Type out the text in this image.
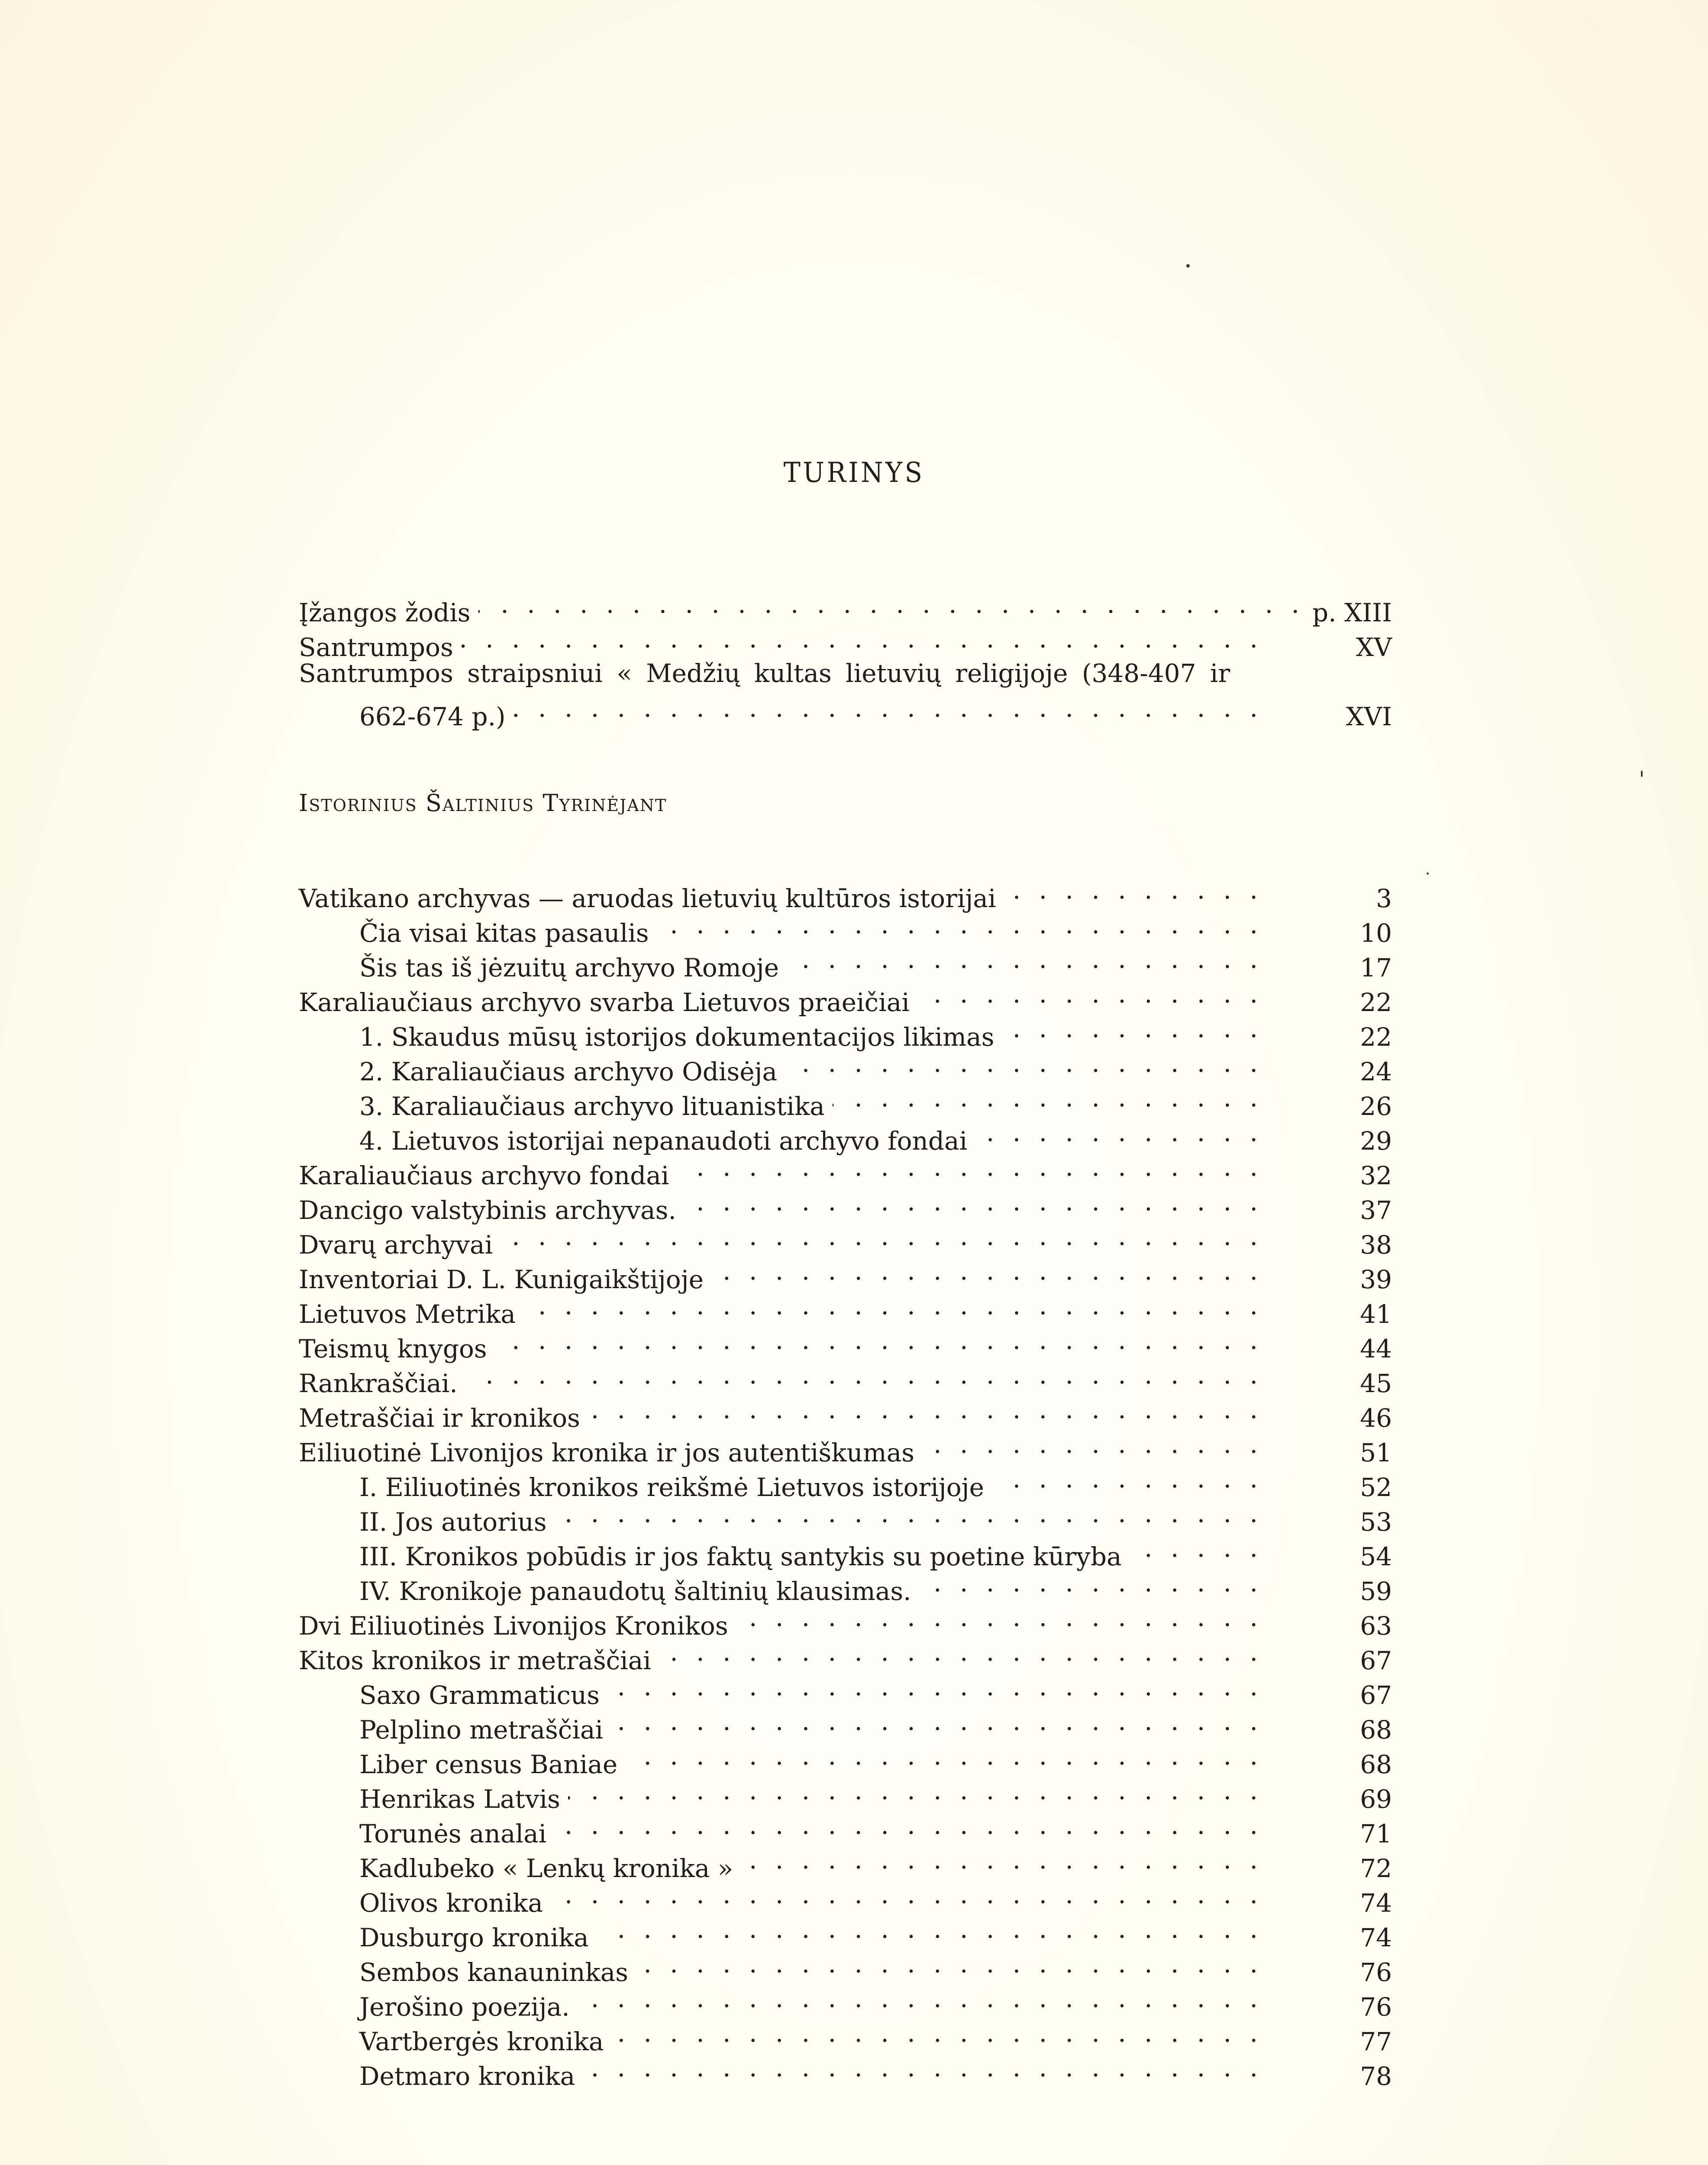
TURINYS
Įžangos žodis . . .	p. XIII
Santrumpos . . .	XV
Santrumpos straipsniui « Medžių kultas lietuvių religijoje (348-407 ir
662-674 p.) . . .	XVI
Istorinius Šaltinius Tyrinėjant
Vatikano archyvas — aruodas lietuvių kultūros istorijai . . .	3
Čia visai kitas pasaulis . . .	10
Šis tas iš jėzuitų archyvo Romoje . . .	17
Karaliaučiaus archyvo svarba Lietuvos praeičiai . . .	22
1. Skaudus mūsų istorijos dokumentacijos likimas . . .	22
2. Karaliaučiaus archyvo Odisėja . . .	24
3. Karaliaučiaus archyvo lituanistika . . .	26
4. Lietuvos istorijai nepanaudoti archyvo fondai . . .	29
Karaliaučiaus archyvo fondai . . .	32
Dancigo valstybinis archyvas. . . .	37
Dvarų archyvai . . .	38
Inventoriai D. L. Kunigaikštijoje . . .	39
Lietuvos Metrika . . .	41
Teismų knygos . . .	44
Rankraščiai. . . .	45
Metraščiai ir kronikos . . .	46
Eiliuotinė Livonijos kronika ir jos autentiškumas . . .	51
I. Eiliuotinės kronikos reikšmė Lietuvos istorijoje . . .	52
II. Jos autorius . . .	53
III. Kronikos pobūdis ir jos faktų santykis su poetine kūryba . . .	54
IV. Kronikoje panaudotų šaltinių klausimas. . . .	59
Dvi Eiliuotinės Livonijos Kronikos . . .	63
Kitos kronikos ir metraščiai . . .	67
Saxo Grammaticus . . .	67
Pelplino metraščiai . . .	68
Liber census Baniae . . .	68
Henrikas Latvis . . .	69
Torunės analai . . .	71
Kadlubeko « Lenkų kronika » . . .	72
Olivos kronika . . .	74
Dusburgo kronika . . .	74
Sembos kanauninkas . . .	76
Jerošino poezija. . . .	76
Vartbergės kronika . . .	77
Detmaro kronika . . .	78
